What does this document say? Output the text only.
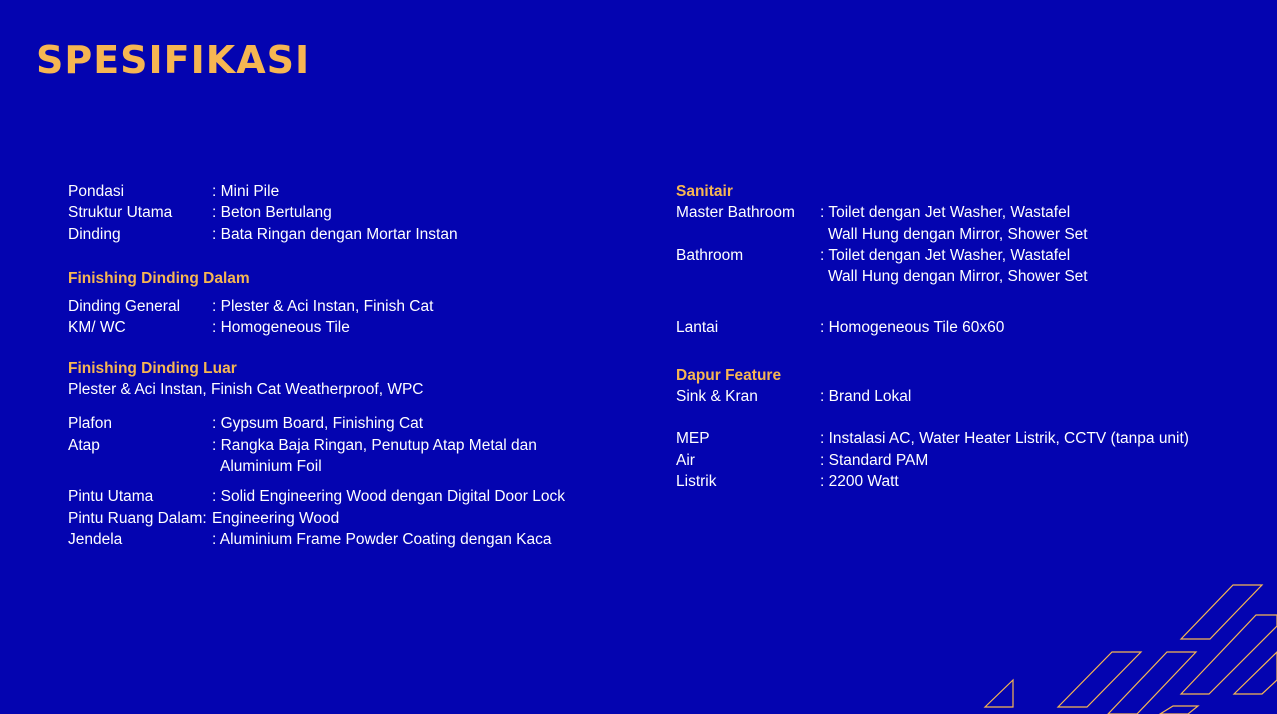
SPESIFIKASI
Pondasi	: Mini Pile
Struktur Utama	: Beton Bertulang
Dinding	: Bata Ringan dengan Mortar Instan
Finishing Dinding Dalam
Dinding General	: Plester & Aci Instan, Finish Cat
KM/ WC	: Homogeneous Tile
Finishing Dinding Luar
Plester & Aci Instan, Finish Cat Weatherproof, WPC
Plafon	: Gypsum Board, Finishing Cat
Atap	: Rangka Baja Ringan, Penutup Atap Metal dan
Aluminium Foil
Pintu Utama	: Solid Engineering Wood dengan Digital Door Lock
Pintu Ruang Dalam: Engineering Wood
Jendela	: Aluminium Frame Powder Coating dengan Kaca
Sanitair
Master Bathroom	: Toilet dengan Jet Washer, Wastafel
Wall Hung dengan Mirror, Shower Set
Bathroom	: Toilet dengan Jet Washer, Wastafel
Wall Hung dengan Mirror, Shower Set
Lantai	: Homogeneous Tile 60x60
Dapur Feature
Sink & Kran	: Brand Lokal
MEP	: Instalasi AC, Water Heater Listrik, CCTV (tanpa unit)
Air	: Standard PAM
Listrik	: 2200 Watt
